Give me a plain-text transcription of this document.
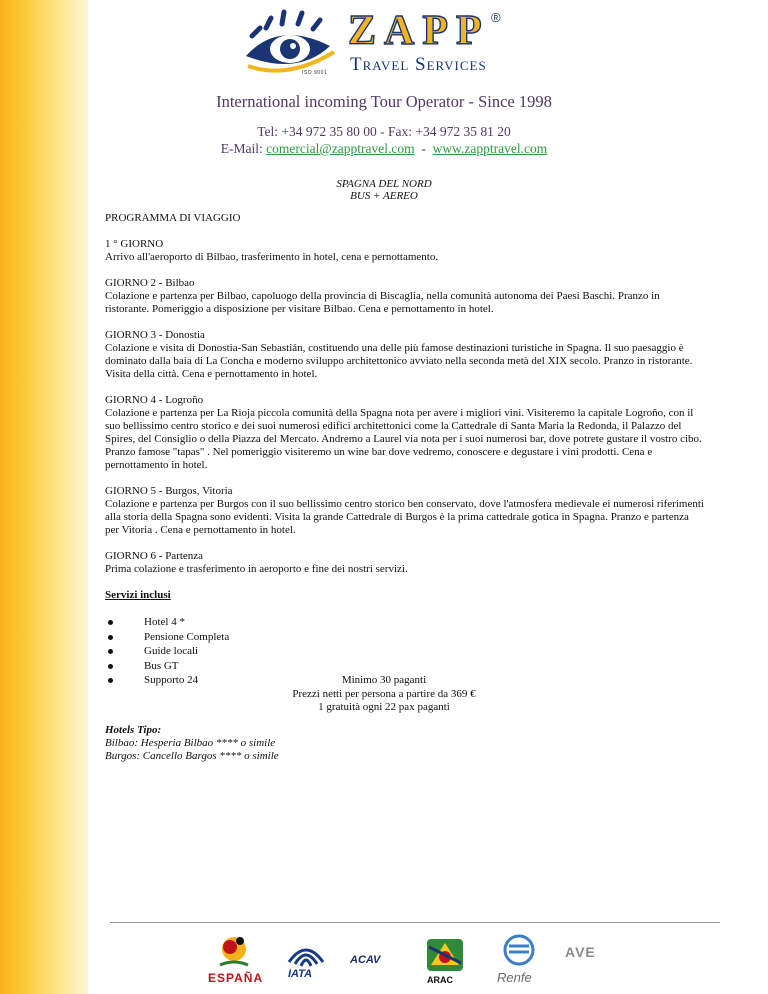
ISO 9001
ZAPP ®
Travel Services
International incoming Tour Operator - Since 1998
Tel: +34 972 35 80 00 - Fax: +34 972 35 81 20
E-Mail: comercial@zapptravel.com - www.zapptravel.com
SPAGNA DEL NORD
BUS + AEREO

PROGRAMMA DI VIAGGIO

1 ° GIORNO
Arrivo all'aeroporto di Bilbao, trasferimento in hotel, cena e pernottamento.

GIORNO 2 - Bilbao
Colazione e partenza per Bilbao, capoluogo della provincia di Biscaglia, nella comunità autonoma dei Paesi Baschi. Pranzo in ristorante. Pomeriggio a disposizione per visitare Bilbao. Cena e pernottamento in hotel.

GIORNO 3 - Donostia
Colazione e visita di Donostia-San Sebastián, costituendo una delle più famose destinazioni turistiche in Spagna. Il suo paesaggio è dominato dalla baia di La Concha e moderno sviluppo architettonico avviato nella seconda metà del XIX secolo. Pranzo in ristorante. Visita della città. Cena e pernottamento in hotel.

GIORNO 4 - Logroño
Colazione e partenza per La Rioja piccola comunità della Spagna nota per avere i migliori vini. Visiteremo la capitale Logroño, con il suo bellissimo centro storico e dei suoi numerosi edifici architettonici come la Cattedrale di Santa Maria la Redonda, il Palazzo del Spires, del Consiglio o della Piazza del Mercato. Andremo a Laurel via nota per i suoi numerosi bar, dove potrete gustare il vostro cibo. Pranzo famose "tapas" . Nel pomeriggio visiteremo un wine bar dove vedremo, conoscere e degustare i vini prodotti. Cena e pernottamento in hotel.

GIORNO 5 - Burgos, Vitoria
Colazione e partenza per Burgos con il suo bellissimo centro storico ben conservato, dove l'atmosfera medievale ei numerosi riferimenti alla storia della Spagna sono evidenti. Visita la grande Cattedrale di Burgos è la prima cattedrale gotica in Spagna. Pranzo e partenza per Vitoria . Cena e pernottamento in hotel.

GIORNO 6 - Partenza
Prima colazione e trasferimento in aeroporto e fine dei nostri servizi.

Servizi inclusi

Hotel 4 *
Pensione Completa
Guide locali
Bus GT
Supporto 24	Minimo 30 paganti
Prezzi netti per persona a partire da 369 €
1 gratuità ogni 22 pax paganti
Hotels Tipo:
Bilbao: Hesperia Bilbao **** o simile
Burgos: Cancello Bargos **** o simile
ESPAÑA IATA
ACAV
ARAC	Renfe
AVE
